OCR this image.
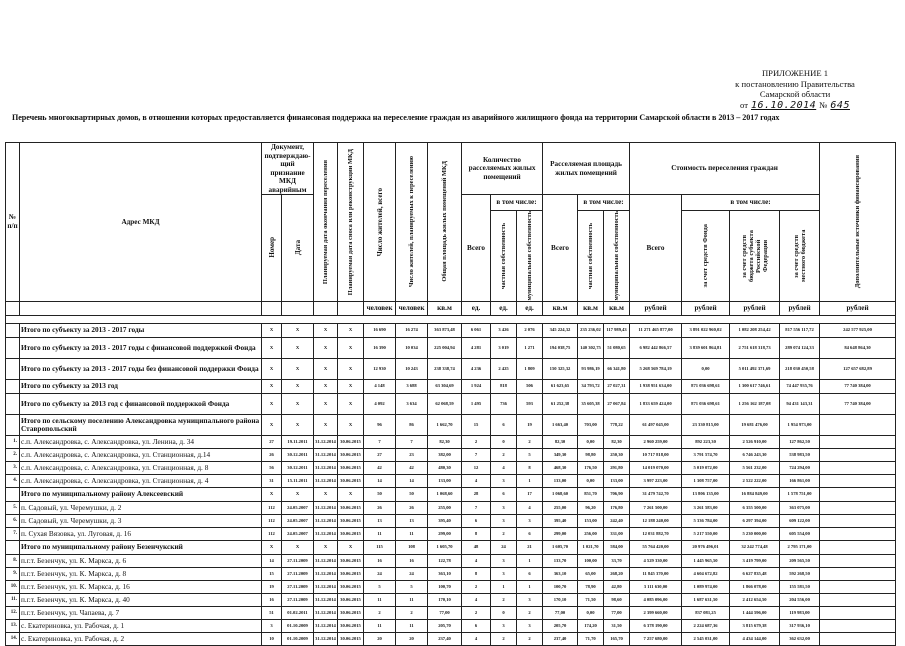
ПРИЛОЖЕНИЕ 1
к постановлению Правительства
Самарской области
от 16.10.2014 № 645
Перечень многоквартирных домов, в отношении которых предоставляется финансовая поддержка на переселение граждан из аварийного жилищного фонда на территории Самарской области в 2013 – 2017 годах
№ п/п	Адрес МКД	Документ, подтверждаю-щий признание МКД аварийным		Планируемая дата окончания переселения	Планируемая дата сноса или реконструкции МКД	Число жителей, всего	Число жителей, планируемых к переселению	Общая площадь жилых помещений МКД	Количество расселяемых жилых помещений			Расселяемая площадь жилых помещений			Стоимость переселения граждан				Дополнительные источники финансирования

		Номер	Дата						Всего	в том числе:		Всего	в том числе:		Всего	в том числе:			

										частная собственность	муниципальная собственность		частная собственность	муниципальная собственность		за счет средств Фонда	за счет средств бюджета субъекта Российской Федерации	за счет средств местного бюджета	

						человек	человек	кв.м	ед.	ед.	ед.	кв.м	кв.м	кв.м	рублей	рублей	рублей	рублей	рублей

	Итого по субъекту за 2013 - 2017 годы	Х	Х	Х	Х	16 690	16 274	363 873,48	6 061	3 426	2 076	345 224,32	235 236,02	117 989,43	11 271 465 877,00	3 891 022 960,02	1 082 208 254,42	817 556 117,72	242 577 925,00
	Итого по субъекту за 2013 - 2017 годы с финансовой поддержкой Фонда	Х	Х	Х	Х	16 390	10 034	225 004,94	4 281	3 019	1 271	194 038,75	140 302,75	51 080,65	6 982 442 866,57	3 839 601 864,81	2 751 618 318,73	289 074 124,33	84 648 864,30
	Итого по субъекту за 2013 - 2017 годы без финансовой поддержки Фонда	Х	Х	Х	Х	12 930	10 243	238 338,74	4 236	2 425	1 809	150 325,32	93 986,19	66 341,80	5 268 569 784,19	0,00	5 011 492 371,69	218 030 450,58	127 657 682,89
	Итого по субъекту за 2013 год	Х	Х	Х	Х	4 148	3 688	63 304,69	1 924	818	506	61 623,65	34 793,72	27 027,31	1 938 951 634,00	871 036 698,61	1 300 617 746,61	74 447 935,76	77 740 384,00
	Итого по субъекту за 2013 год с финансовой поддержкой Фонда	Х	Х	Х	Х	4 092	3 634	62 068,59	1 495	736	593	61 252,38	35 605,38	27 067,84	1 833 659 424,00	871 036 698,61	1 256 162 187,08	94 431 143,31	77 740 384,00
	Итого по сельскому поселению Александровка муниципального района Ставропольский	Х	Х	Х	Х	96	86	1 662,70	15	6	19	1 663,40	703,00	778,22	61 497 045,00	23 330 815,00	19 681 476,00	1 954 973,00	
1.	с.п. Александровка, с. Александровка, ул. Ленина, д. 34	27	19.11.2011	31.12.2014	30.06.2015	7	7	82,30	2	0	2	82,30	0,00	82,30	2 960 259,00	892 223,30	2 526 910,00	127 862,50	
2.	с.п. Александровка, с. Александровка, ул. Станционная, д.14	26	30.12.2011	31.12.2014	30.06.2015	27	23	382,00	7	2	5	349,30	98,80	250,30	10 717 818,00	3 791 574,70	6 746 243,30	538 983,50	
3.	с.п. Александровка, с. Александровка, ул. Станционная, д. 8	56	30.12.2011	31.12.2014	30.06.2015	42	42	480,30	12	4	8	468,30	176,50	291,80	14 019 070,00	5 019 072,00	5 561 232,00	724 294,00	
4.	с.п. Александровка, с. Александровка, ул. Станционная, д. 4	31	15.11.2011	31.12.2014	30.06.2015	14	14	133,00	4	3	1	133,00	0,00	133,00	3 997 223,00	1 308 757,00	2 522 222,00	166 861,00	
	Итого по муниципальному району Алексеевский	Х	Х	Х	Х	50	50	1 068,60	28	6	17	1 068,60	851,70	706,90	31 479 742,70	13 806 135,00	16 884 849,00	1 578 751,00	
5.	п. Садовый, ул. Черемушки, д. 2	112	24.05.2007	31.12.2014	30.06.2015	26	26	255,00	7	3	4	255,00	96,20	176,80	7 261 500,00	3 261 583,00	6 355 500,00	363 075,00	
6.	п. Садовый, ул. Черемушки, д. 3	112	24.05.2007	31.12.2014	30.06.2015	13	13	395,40	6	3	3	395,40	153,00	242,40	12 188 240,00	5 336 784,00	6 297 394,00	609 122,00	
7.	п. Сухая Вязовка, ул. Луговая, д. 16	112	24.05.2007	31.12.2014	30.06.2015	11	11	299,00	8	2	6	299,00	256,00	331,00	12 031 882,70	5 217 550,00	5 230 000,00	605 554,00	
	Итого по муниципальному району Безенчукский	Х	Х	Х	Х	115	108	1 605,70	48	24	21	1 605,70	1 021,70	584,00	55 764 420,00	20 976 496,01	32 242 774,48	2 795 171,00	
8.	п.г.т. Безенчук, ул. К. Маркса, д. 6	14	27.11.2009	31.12.2014	30.06.2015	16	16	122,78	4	3	1	133,70	100,00	33,70	4 529 330,00	1 445 965,50	3 419 799,00	209 565,50	
9.	п.г.т. Безенчук, ул. К. Маркса, д. 8	15	27.11.2009	31.12.2014	30.06.2015	24	24	363,10	8	3	6	363,10	65,00	268,20	11 845 370,00	4 604 672,82	6 627 835,48	592 268,50	
10.	п.г.т. Безенчук, ул. К. Маркса, д. 16	19	27.11.2009	31.12.2014	30.06.2015	5	5	100,70	2	1	1	100,70	78,90	42,80	3 111 630,00	1 089 974,00	1 866 078,00	155 581,50	
11.	п.г.т. Безенчук, ул. К. Маркса, д. 40	16	27.11.2009	31.12.2014	30.06.2015	11	11	170,10	4	2	3	170,10	71,50	98,60	4 085 096,00	1 687 631,50	2 412 654,50	204 556,00	
12.	п.г.т. Безенчук, ул. Чапаева, д. 7	51	01.02.2011	31.12.2014	30.06.2015	2	2	77,00	2	0	2	77,00	0,00	77,00	2 399 660,00	837 081,25	1 444 596,00	119 983,00	
13.	с. Екатериновка, ул. Рабочая, д. 1	3	01.10.2009	31.12.2014	30.06.2015	11	11	205,70	6	3	3	205,70	174,20	31,50	6 378 190,00	2 224 687,36	3 815 679,38	317 936,10	
14.	с. Екатериновка, ул. Рабочая, д. 2	10	01.10.2009	31.12.2014	30.06.2015	20	20	237,40	4	2	2	237,40	71,70	165,70	7 257 680,00	2 545 031,00	4 434 144,00	362 632,00	
